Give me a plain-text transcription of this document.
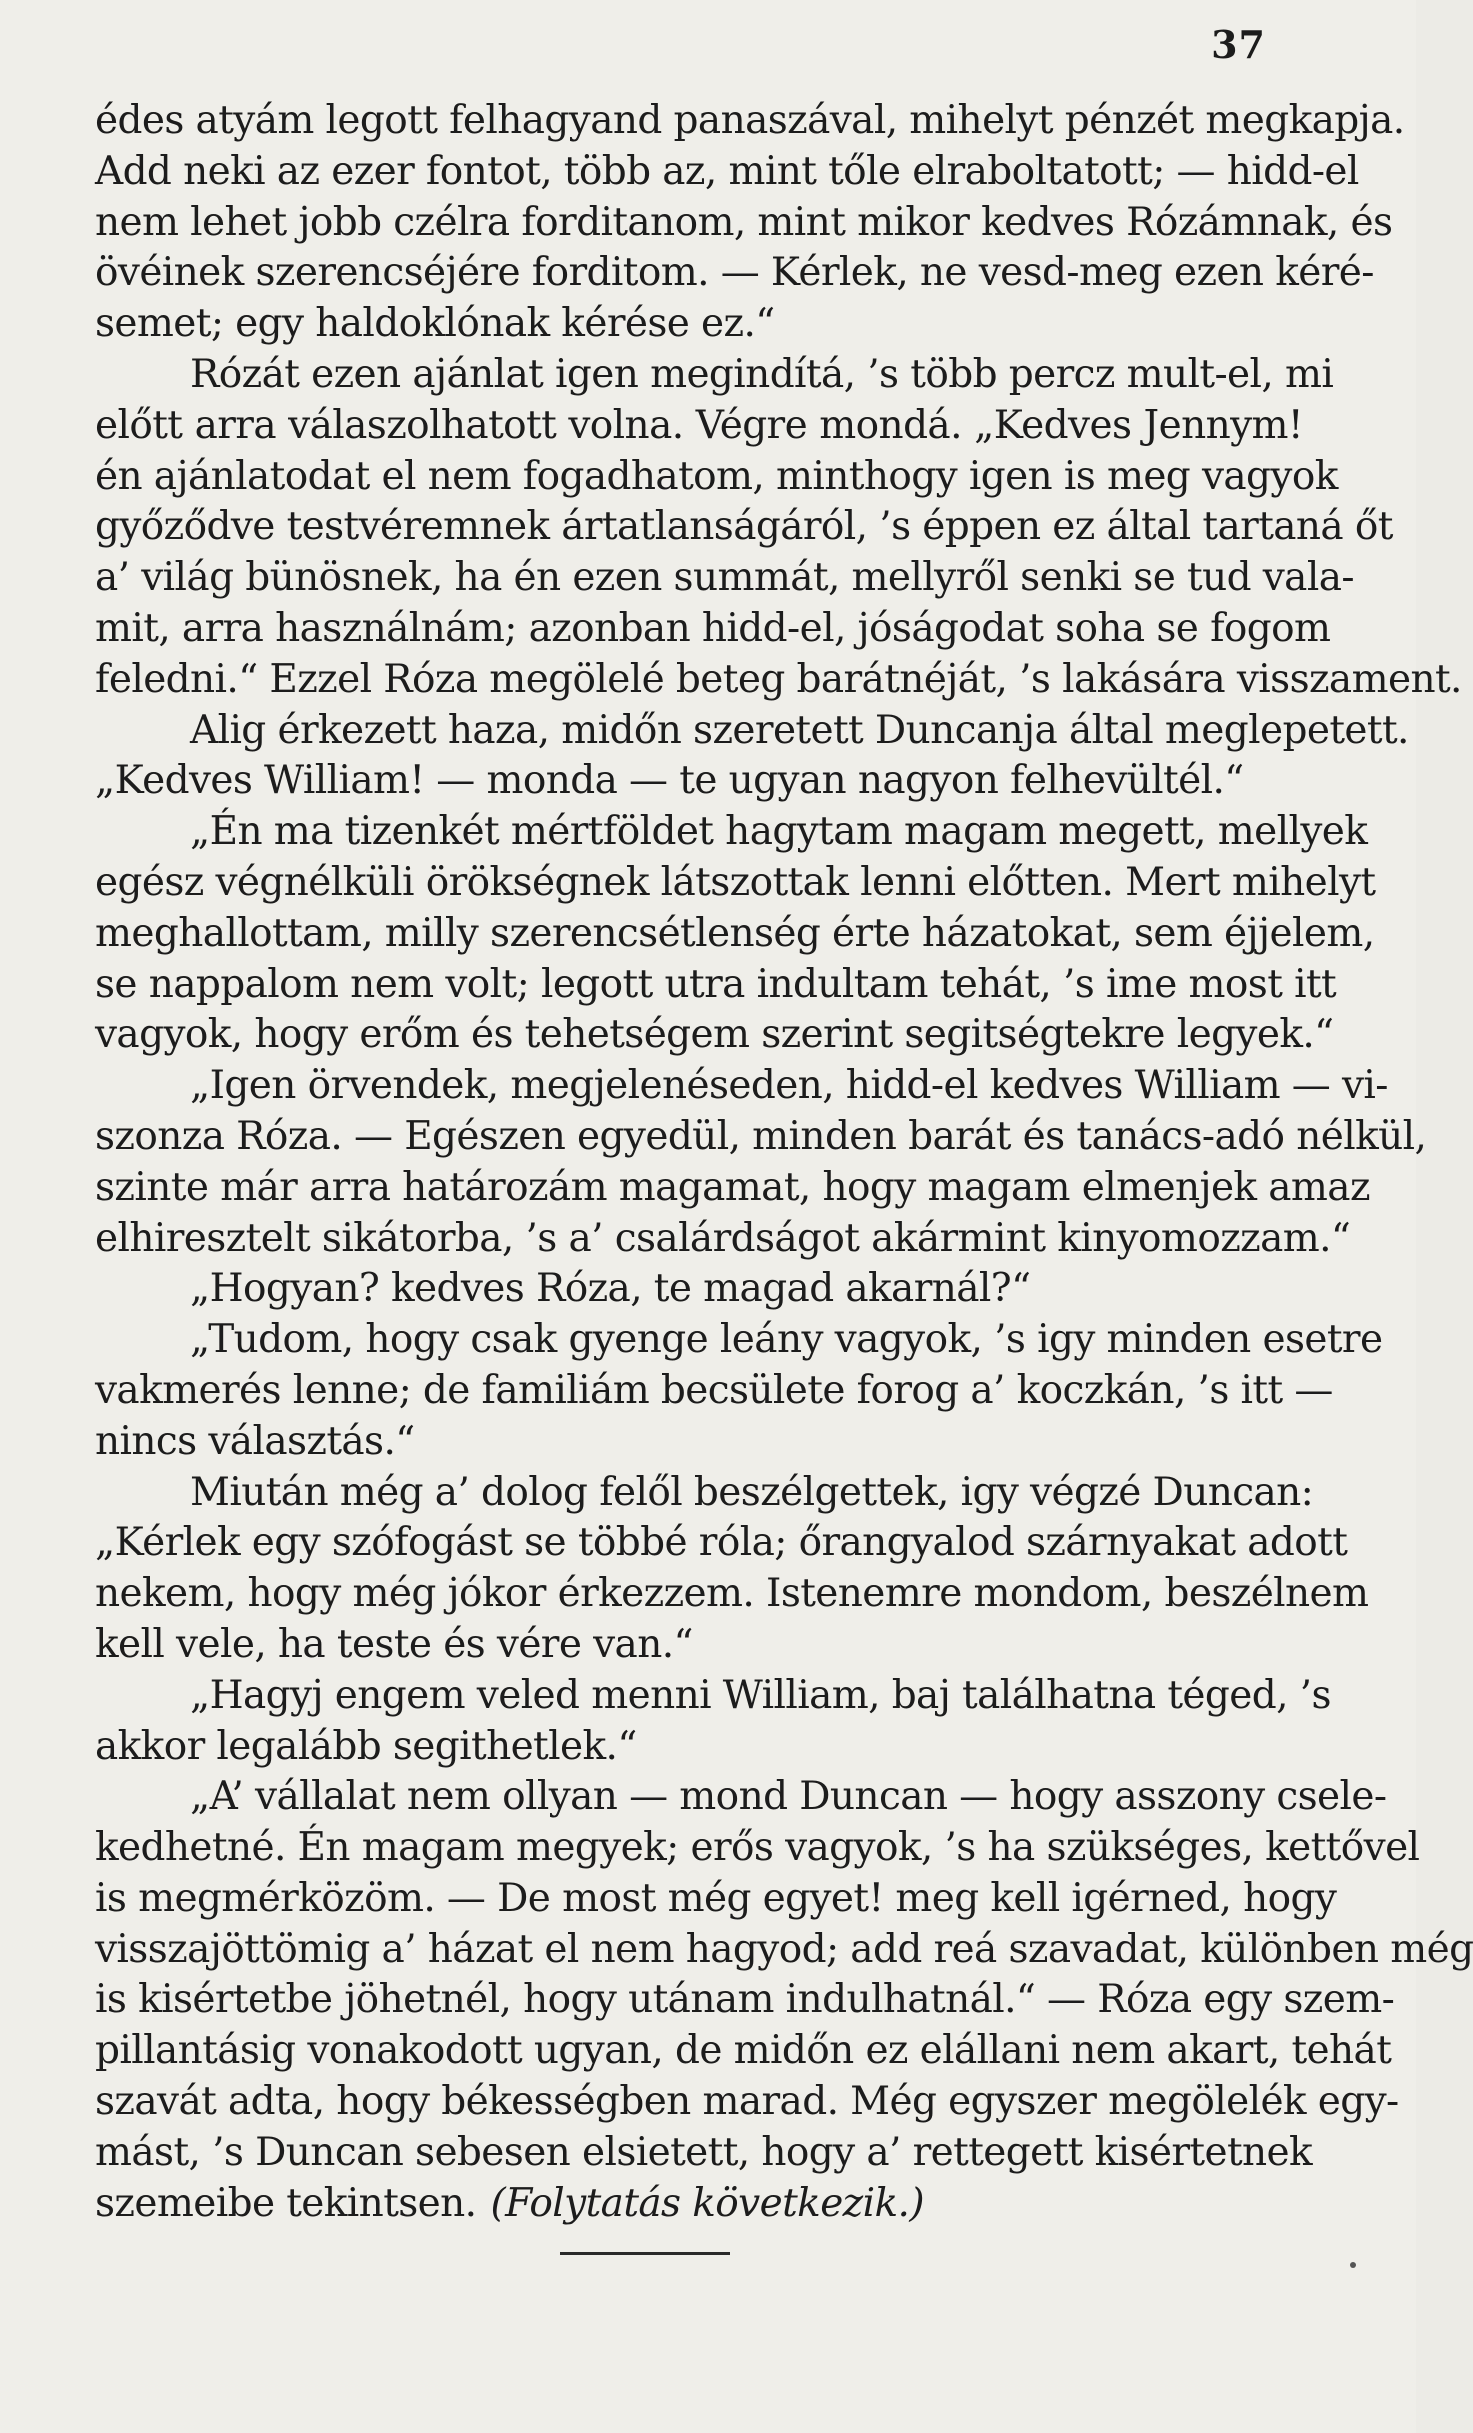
37
édes atyám legott felhagyand panaszával, mihelyt pénzét megkapja.
Add neki az ezer fontot, több az, mint tőle elraboltatott; — hidd-el
nem lehet jobb czélra forditanom, mint mikor kedves Rózámnak, és
övéinek szerencséjére forditom. — Kérlek, ne vesd-meg ezen kéré-
semet; egy haldoklónak kérése ez.“
Rózát ezen ajánlat igen megindítá, ’s több percz mult-el, mi
előtt arra válaszolhatott volna. Végre mondá. „Kedves Jennym!
én ajánlatodat el nem fogadhatom, minthogy igen is meg vagyok
győződve testvéremnek ártatlanságáról, ’s éppen ez által tartaná őt
a’ világ bünösnek, ha én ezen summát, mellyről senki se tud vala-
mit, arra használnám; azonban hidd-el, jóságodat soha se fogom
feledni.“ Ezzel Róza megölelé beteg barátnéját, ’s lakására visszament.
Alig érkezett haza, midőn szeretett Duncanja által meglepetett.
„Kedves William! — monda — te ugyan nagyon felhevültél.“
„Én ma tizenkét mértföldet hagytam magam megett, mellyek
egész végnélküli örökségnek látszottak lenni előtten. Mert mihelyt
meghallottam, milly szerencsétlenség érte házatokat, sem éjjelem,
se nappalom nem volt; legott utra indultam tehát, ’s ime most itt
vagyok, hogy erőm és tehetségem szerint segitségtekre legyek.“
„Igen örvendek, megjelenéseden, hidd-el kedves William — vi-
szonza Róza. — Egészen egyedül, minden barát és tanács-adó nélkül,
szinte már arra határozám magamat, hogy magam elmenjek amaz
elhiresztelt sikátorba, ’s a’ csalárdságot akármint kinyomozzam.“
„Hogyan? kedves Róza, te magad akarnál?“
„Tudom, hogy csak gyenge leány vagyok, ’s igy minden esetre
vakmerés lenne; de familiám becsülete forog a’ koczkán, ’s itt —
nincs választás.“
Miután még a’ dolog felől beszélgettek, igy végzé Duncan:
„Kérlek egy szófogást se többé róla; őrangyalod szárnyakat adott
nekem, hogy még jókor érkezzem. Istenemre mondom, beszélnem
kell vele, ha teste és vére van.“
„Hagyj engem veled menni William, baj találhatna téged, ’s
akkor legalább segithetlek.“
„A’ vállalat nem ollyan — mond Duncan — hogy asszony csele-
kedhetné. Én magam megyek; erős vagyok, ’s ha szükséges, kettővel
is megmérközöm. — De most még egyet! meg kell igérned, hogy
visszajöttömig a’ házat el nem hagyod; add reá szavadat, különben még
is kisértetbe jöhetnél, hogy utánam indulhatnál.“ — Róza egy szem-
pillantásig vonakodott ugyan, de midőn ez elállani nem akart, tehát
szavát adta, hogy békességben marad. Még egyszer megölelék egy-
mást, ’s Duncan sebesen elsietett, hogy a’ rettegett kisértetnek
szemeibe tekintsen. (Folytatás következik.)
